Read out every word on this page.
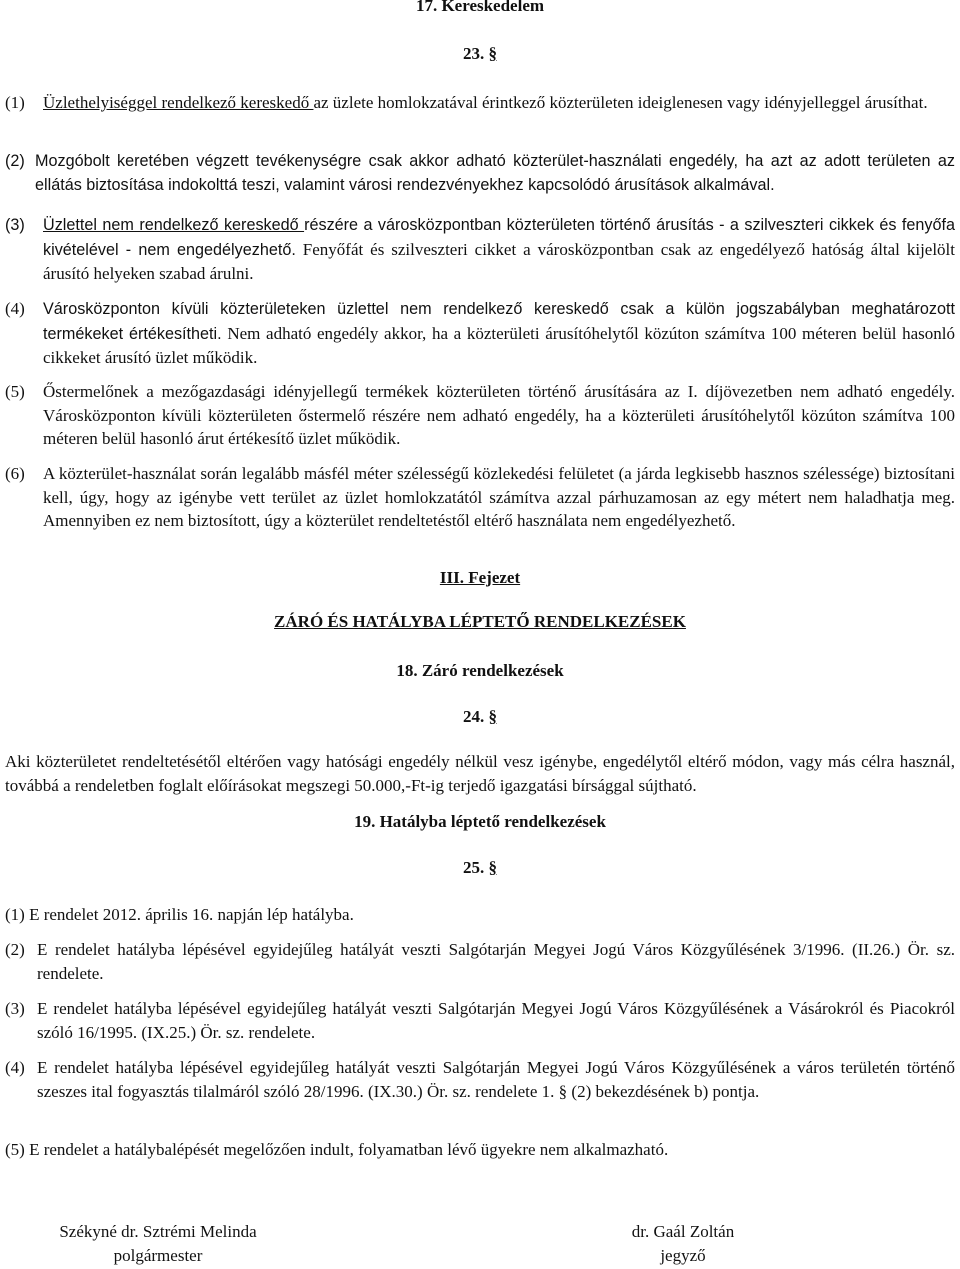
17. Kereskedelem
23. §
(1) Üzlethelyiséggel rendelkező kereskedő az üzlete homlokzatával érintkező közterületen ideiglenesen vagy idényjelleggel árusíthat.
(2) Mozgóbolt keretében végzett tevékenységre csak akkor adható közterület-használati engedély, ha azt az adott területen az ellátás biztosítása indokolttá teszi, valamint városi rendezvényekhez kapcsolódó árusítások alkalmával.
(3) Üzlettel nem rendelkező kereskedő részére a városközpontban közterületen történő árusítás - a szilveszteri cikkek és fenyőfa kivételével - nem engedélyezhető. Fenyőfát és szilveszteri cikket a városközpontban csak az engedélyező hatóság által kijelölt árusító helyeken szabad árulni.
(4) Városközponton kívüli közterületeken üzlettel nem rendelkező kereskedő csak a külön jogszabályban meghatározott termékeket értékesítheti. Nem adható engedély akkor, ha a közterületi árusítóhelytől közúton számítva 100 méteren belül hasonló cikkeket árusító üzlet működik.
(5) Őstermelőnek a mezőgazdasági idényjellegű termékek közterületen történő árusítására az I. díjövezetben nem adható engedély. Városközponton kívüli közterületen őstermelő részére nem adható engedély, ha a közterületi árusítóhelytől közúton számítva 100 méteren belül hasonló árut értékesítő üzlet működik.
(6) A közterület-használat során legalább másfél méter szélességű közlekedési felületet (a járda legkisebb hasznos szélessége) biztosítani kell, úgy, hogy az igénybe vett terület az üzlet homlokzatától számítva azzal párhuzamosan az egy métert nem haladhatja meg. Amennyiben ez nem biztosított, úgy a közterület rendeltetéstől eltérő használata nem engedélyezhető.
III. Fejezet
ZÁRÓ ÉS HATÁLYBA LÉPTETŐ RENDELKEZÉSEK
18. Záró rendelkezések
24. §
Aki közterületet rendeltetésétől eltérően vagy hatósági engedély nélkül vesz igénybe, engedélytől eltérő módon, vagy más célra használ, továbbá a rendeletben foglalt előírásokat megszegi 50.000,-Ft-ig terjedő igazgatási bírsággal sújtható.
19. Hatályba léptető rendelkezések
25. §
(1) E rendelet 2012. április 16. napján lép hatályba.
(2) E rendelet hatályba lépésével egyidejűleg hatályát veszti Salgótarján Megyei Jogú Város Közgyűlésének 3/1996. (II.26.) Ör. sz. rendelete.
(3) E rendelet hatályba lépésével egyidejűleg hatályát veszti Salgótarján Megyei Jogú Város Közgyűlésének a Vásárokról és Piacokról szóló 16/1995. (IX.25.) Ör. sz. rendelete.
(4) E rendelet hatályba lépésével egyidejűleg hatályát veszti Salgótarján Megyei Jogú Város Közgyűlésének a város területén történő szeszes ital fogyasztás tilalmáról szóló 28/1996. (IX.30.) Ör. sz. rendelete 1. § (2) bekezdésének b) pontja.
(5) E rendelet a hatálybalépését megelőzően indult, folyamatban lévő ügyekre nem alkalmazható.
Székyné dr. Sztrémi Melinda
polgármester
dr. Gaál Zoltán
jegyző
